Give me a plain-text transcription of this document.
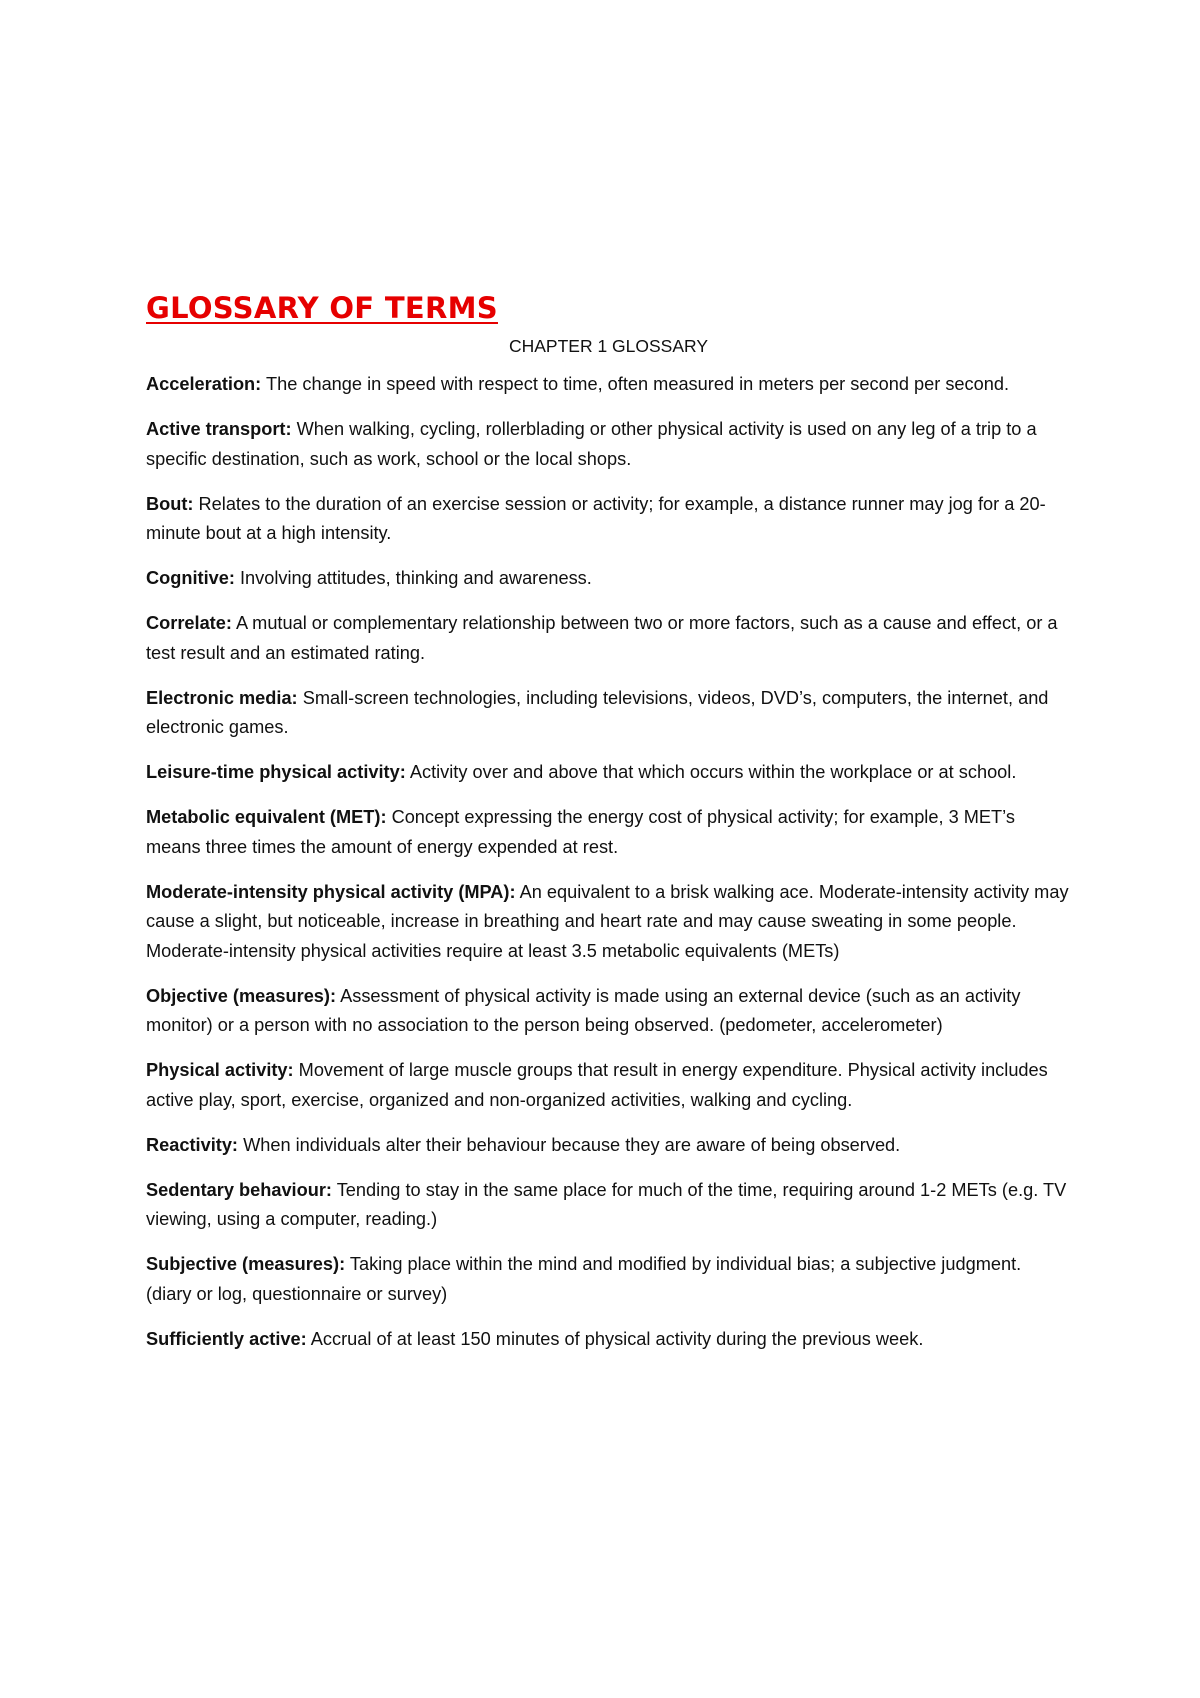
GLOSSARY OF TERMS
CHAPTER 1 GLOSSARY

Acceleration: The change in speed with respect to time, often measured in meters per second per second.

Active transport: When walking, cycling, rollerblading or other physical activity is used on any leg of a trip to a specific destination, such as work, school or the local shops.

Bout: Relates to the duration of an exercise session or activity; for example, a distance runner may jog for a 20-minute bout at a high intensity.

Cognitive: Involving attitudes, thinking and awareness.

Correlate: A mutual or complementary relationship between two or more factors, such as a cause and effect, or a test result and an estimated rating.

Electronic media: Small-screen technologies, including televisions, videos, DVD’s, computers, the internet, and electronic games.

Leisure-time physical activity: Activity over and above that which occurs within the workplace or at school.

Metabolic equivalent (MET): Concept expressing the energy cost of physical activity; for example, 3 MET’s means three times the amount of energy expended at rest.

Moderate-intensity physical activity (MPA): An equivalent to a brisk walking ace. Moderate-intensity activity may cause a slight, but noticeable, increase in breathing and heart rate and may cause sweating in some people. Moderate-intensity physical activities require at least 3.5 metabolic equivalents (METs)

Objective (measures): Assessment of physical activity is made using an external device (such as an activity monitor) or a person with no association to the person being observed. (pedometer, accelerometer)

Physical activity: Movement of large muscle groups that result in energy expenditure. Physical activity includes active play, sport, exercise, organized and non-organized activities, walking and cycling.

Reactivity: When individuals alter their behaviour because they are aware of being observed.

Sedentary behaviour: Tending to stay in the same place for much of the time, requiring around 1-2 METs (e.g. TV viewing, using a computer, reading.)

Subjective (measures): Taking place within the mind and modified by individual bias; a subjective judgment. (diary or log, questionnaire or survey)

Sufficiently active: Accrual of at least 150 minutes of physical activity during the previous week.
